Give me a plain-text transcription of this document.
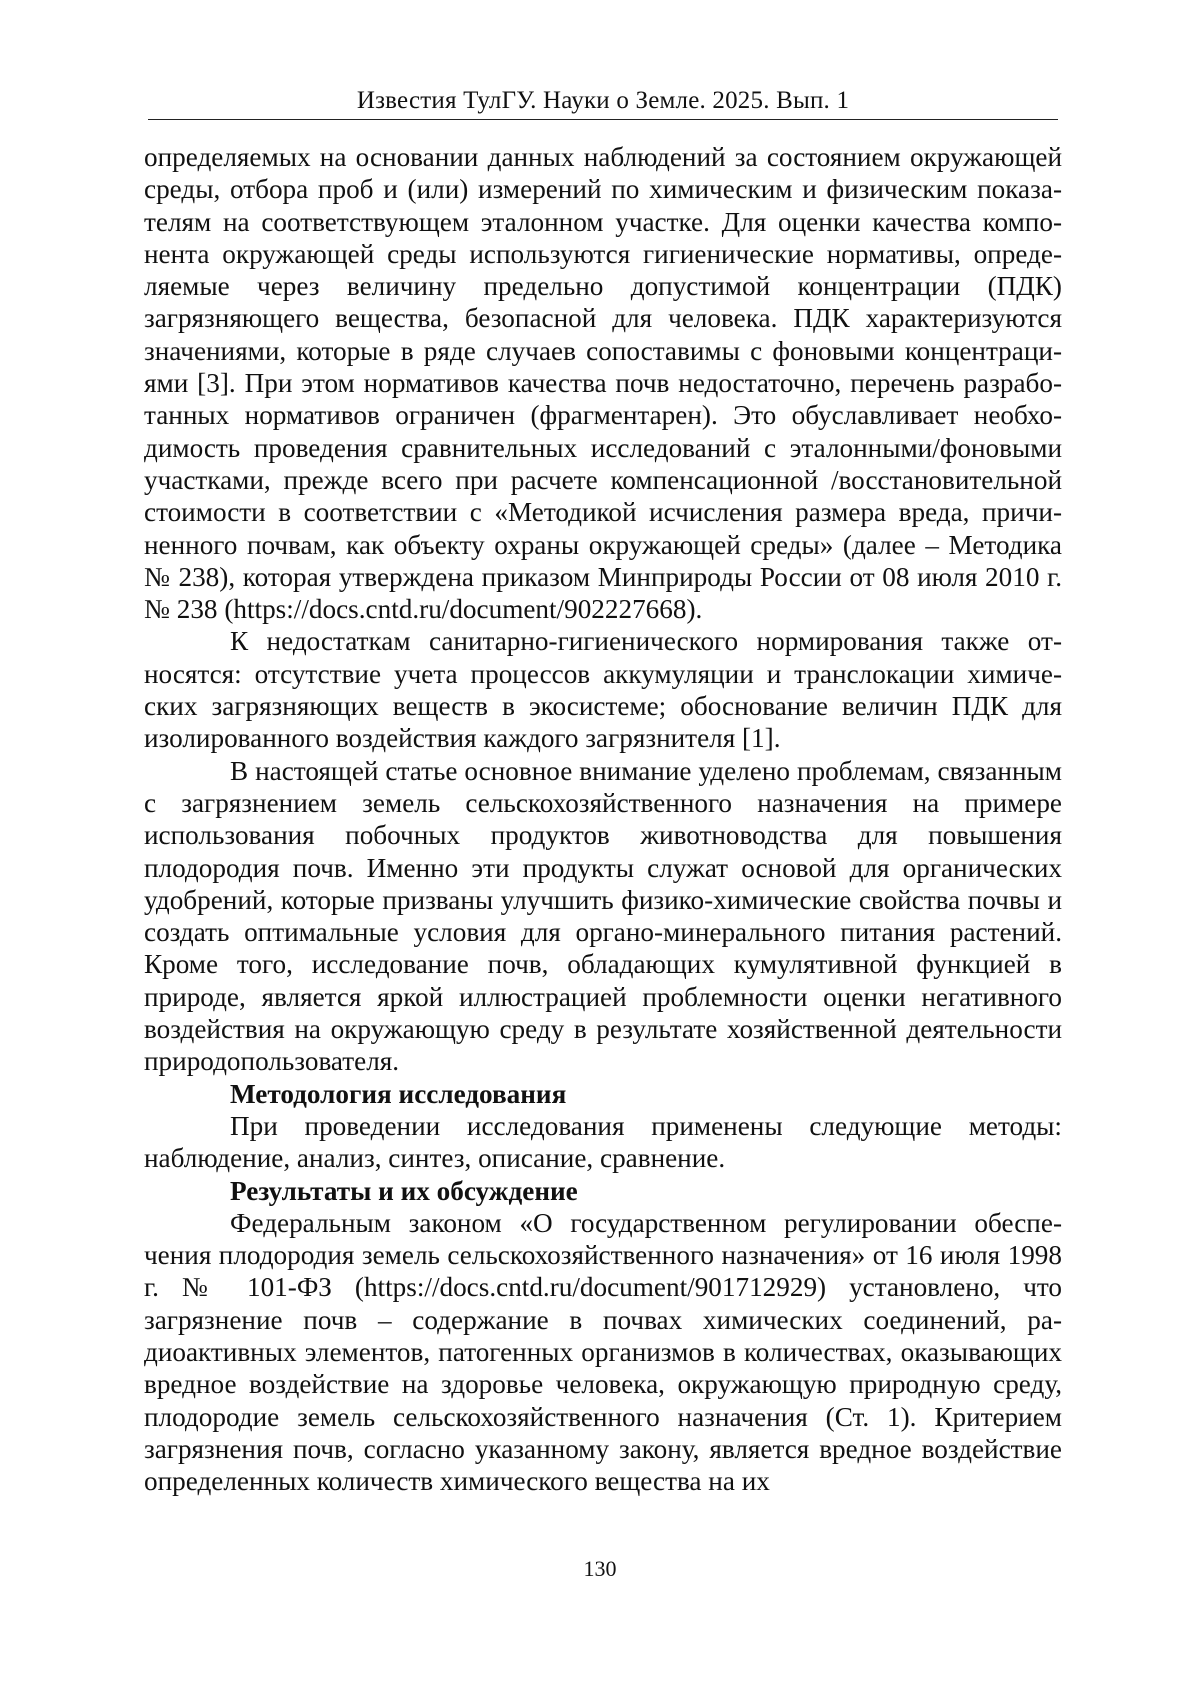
Известия ТулГУ. Науки о Земле. 2025. Вып. 1

определяемых на основании данных наблюдений за состоянием окружающей среды, отбора проб и (или) измерений по химическим и физическим показателям на соответствующем эталонном участке. Для оценки качества компонента окружающей среды используются гигиенические нормативы, определяемые через величину предельно допустимой концентрации (ПДК) загрязняющего вещества, безопасной для человека. ПДК характеризуются значениями, которые в ряде случаев сопоставимы с фоновыми концентрациями [3]. При этом нормативов качества почв недостаточно, перечень разработанных нормативов ограничен (фрагментарен). Это обуславливает необходимость проведения сравнительных исследований с эталонными/фоновыми участками, прежде всего при расчете компенсационной /восстановительной стоимости в соответствии с «Методикой исчисления размера вреда, причиненного почвам, как объекту охраны окружающей среды» (далее – Методика № 238), которая утверждена приказом Минприроды России от 08 июля 2010 г. № 238 (https://docs.cntd.ru/document/902227668).

К недостаткам санитарно-гигиенического нормирования также относятся: отсутствие учета процессов аккумуляции и транслокации химических загрязняющих веществ в экосистеме; обоснование величин ПДК для изолированного воздействия каждого загрязнителя [1].

В настоящей статье основное внимание уделено проблемам, связанным с загрязнением земель сельскохозяйственного назначения на примере использования побочных продуктов животноводства для повышения плодородия почв. Именно эти продукты служат основой для органических удобрений, которые призваны улучшить физико-химические свойства почвы и создать оптимальные условия для органо-минерального питания растений. Кроме того, исследование почв, обладающих кумулятивной функцией в природе, является яркой иллюстрацией проблемности оценки негативного воздействия на окружающую среду в результате хозяйственной деятельности природопользователя.

Методология исследования

При проведении исследования применены следующие методы: наблюдение, анализ, синтез, описание, сравнение.

Результаты и их обсуждение

Федеральным законом «О государственном регулировании обеспечения плодородия земель сельскохозяйственного назначения» от 16 июля 1998 г. № 101-ФЗ (https://docs.cntd.ru/document/901712929) установлено, что загрязнение почв – содержание в почвах химических соединений, радиоактивных элементов, патогенных организмов в количествах, оказывающих вредное воздействие на здоровье человека, окружающую природную среду, плодородие земель сельскохозяйственного назначения (Ст. 1). Критерием загрязнения почв, согласно указанному закону, является вредное воздействие определенных количеств химического вещества на их

130
